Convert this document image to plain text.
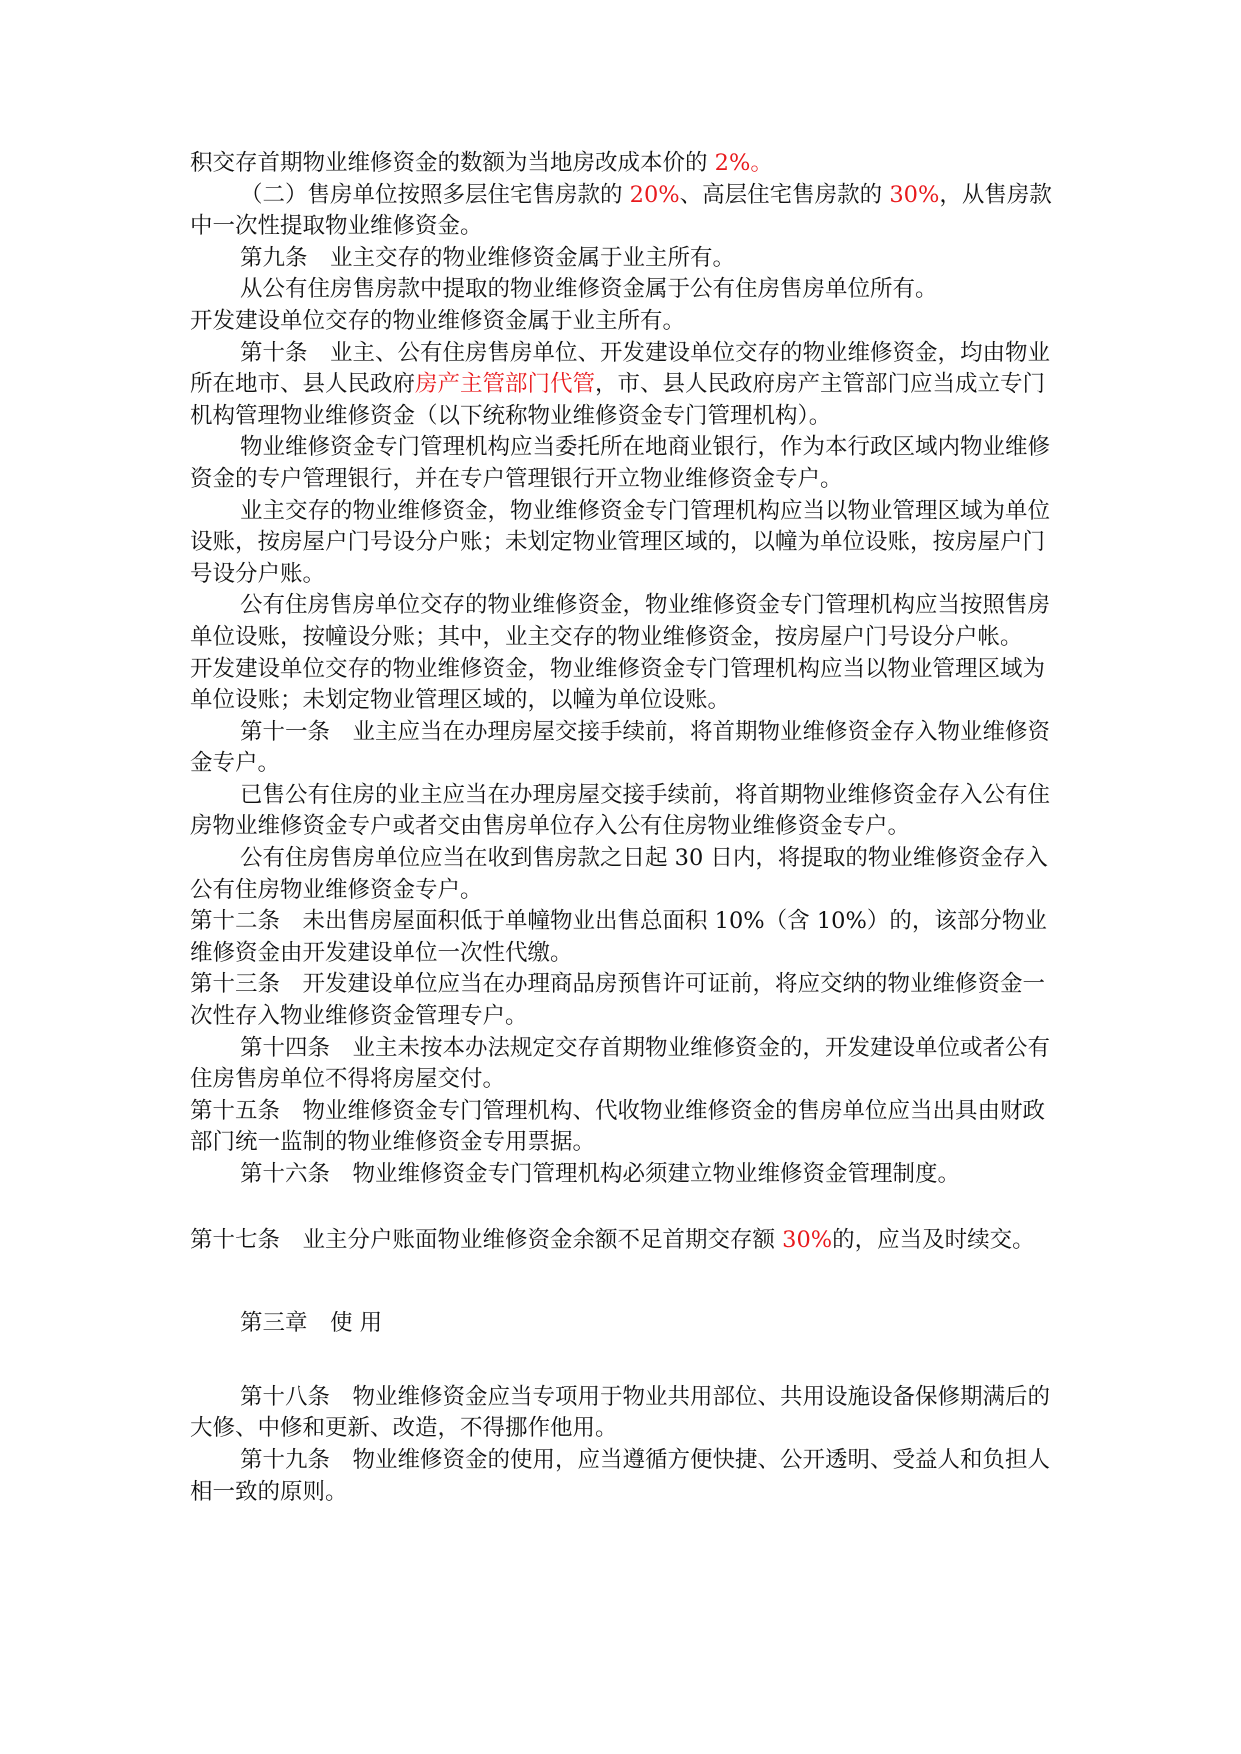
积交存首期物业维修资金的数额为当地房改成本价的 2%。

（二）售房单位按照多层住宅售房款的 20%、高层住宅售房款的 30%，从售房款中一次性提取物业维修资金。

第九条　业主交存的物业维修资金属于业主所有。

从公有住房售房款中提取的物业维修资金属于公有住房售房单位所有。

开发建设单位交存的物业维修资金属于业主所有。

第十条　业主、公有住房售房单位、开发建设单位交存的物业维修资金，均由物业所在地市、县人民政府房产主管部门代管，市、县人民政府房产主管部门应当成立专门机构管理物业维修资金（以下统称物业维修资金专门管理机构）。

物业维修资金专门管理机构应当委托所在地商业银行，作为本行政区域内物业维修资金的专户管理银行，并在专户管理银行开立物业维修资金专户。

业主交存的物业维修资金，物业维修资金专门管理机构应当以物业管理区域为单位设账，按房屋户门号设分户账；未划定物业管理区域的，以幢为单位设账，按房屋户门号设分户账。

公有住房售房单位交存的物业维修资金，物业维修资金专门管理机构应当按照售房单位设账，按幢设分账；其中，业主交存的物业维修资金，按房屋户门号设分户帐。

开发建设单位交存的物业维修资金，物业维修资金专门管理机构应当以物业管理区域为单位设账；未划定物业管理区域的，以幢为单位设账。

第十一条　业主应当在办理房屋交接手续前，将首期物业维修资金存入物业维修资金专户。

已售公有住房的业主应当在办理房屋交接手续前，将首期物业维修资金存入公有住房物业维修资金专户或者交由售房单位存入公有住房物业维修资金专户。

公有住房售房单位应当在收到售房款之日起 30 日内，将提取的物业维修资金存入公有住房物业维修资金专户。

第十二条　未出售房屋面积低于单幢物业出售总面积 10%（含 10%）的，该部分物业维修资金由开发建设单位一次性代缴。

第十三条　开发建设单位应当在办理商品房预售许可证前，将应交纳的物业维修资金一次性存入物业维修资金管理专户。

第十四条　业主未按本办法规定交存首期物业维修资金的，开发建设单位或者公有住房售房单位不得将房屋交付。

第十五条　物业维修资金专门管理机构、代收物业维修资金的售房单位应当出具由财政部门统一监制的物业维修资金专用票据。

第十六条　物业维修资金专门管理机构必须建立物业维修资金管理制度。

第十七条　业主分户账面物业维修资金余额不足首期交存额 30%的，应当及时续交。

第三章　使 用

第十八条　物业维修资金应当专项用于物业共用部位、共用设施设备保修期满后的大修、中修和更新、改造，不得挪作他用。

第十九条　物业维修资金的使用，应当遵循方便快捷、公开透明、受益人和负担人相一致的原则。
